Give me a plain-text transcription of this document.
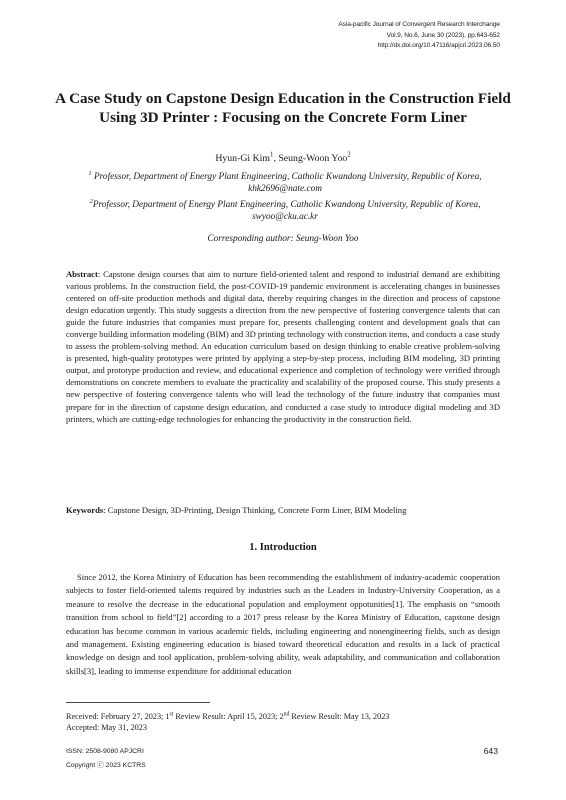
Asia-pacific Journal of Convergent Research Interchange
Vol.9, No.6, June 30 (2023), pp.643-652
http://dx.doi.org/10.47116/apjcri.2023.06.50
A Case Study on Capstone Design Education in the Construction Field Using 3D Printer : Focusing on the Concrete Form Liner
Hyun-Gi Kim$^1$, Seung-Woon Yoo$^2$
$^1$ Professor, Department of Energy Plant Engineering, Catholic Kwandong University, Republic of Korea, khk2696@nate.com
$^2$Professor, Department of Energy Plant Engineering, Catholic Kwandong University, Republic of Korea, swyoo@cku.ac.kr
Corresponding author: Seung-Woon Yoo

Abstract: Capstone design courses that aim to nurture field-oriented talent and respond to industrial demand are exhibiting various problems. In the construction field, the post-COVID-19 pandemic environment is accelerating changes in businesses centered on off-site production methods and digital data, thereby requiring changes in the direction and process of capstone design education urgently. This study suggests a direction from the new perspective of fostering convergence talents that can guide the future industries that companies must prepare for, presents challenging content and development goals that can converge building information modeling (BIM) and 3D printing technology with construction items, and conducts a case study to assess the problem-solving method. An education curriculum based on design thinking to enable creative problem-solving is presented, high-quality prototypes were printed by applying a step-by-step process, including BIM modeling, 3D printing output, and prototype production and review, and educational experience and completion of technology were verified through demonstrations on concrete members to evaluate the practicality and scalability of the proposed course. This study presents a new perspective of fostering convergence talents who will lead the technology of the future industry that companies must prepare for in the direction of capstone design education, and conducted a case study to introduce digital modeling and 3D printers, which are cutting-edge technologies for enhancing the productivity in the construction field.

Keywords: Capstone Design, 3D-Printing, Design Thinking, Concrete Form Liner, BIM Modeling

1. Introduction

Since 2012, the Korea Ministry of Education has been recommending the establishment of industry-academic cooperation subjects to foster field-oriented talents required by industries such as the Leaders in Industry-University Cooperation, as a measure to resolve the decrease in the educational population and employment oppotunities[1]. The emphasis on “smooth transition from school to field”[2] according to a 2017 press release by the Korea Ministry of Education, capstone design education has become common in various academic fields, including engineering and nonengineering fields, such as design and management. Existing engineering education is biased toward theoretical education and results in a lack of practical knowledge on design and tool application, problem-solving ability, weak adaptability, and communication and collaboration skills[3], leading to immense expenditure for additional education

Received: February 27, 2023; 1st Review Result: April 15, 2023; 2nd Review Result: May 13, 2023
Accepted: May 31, 2023
ISSN: 2508-9080 APJCRI
Copyright ⓒ 2023 KCTRS
643
